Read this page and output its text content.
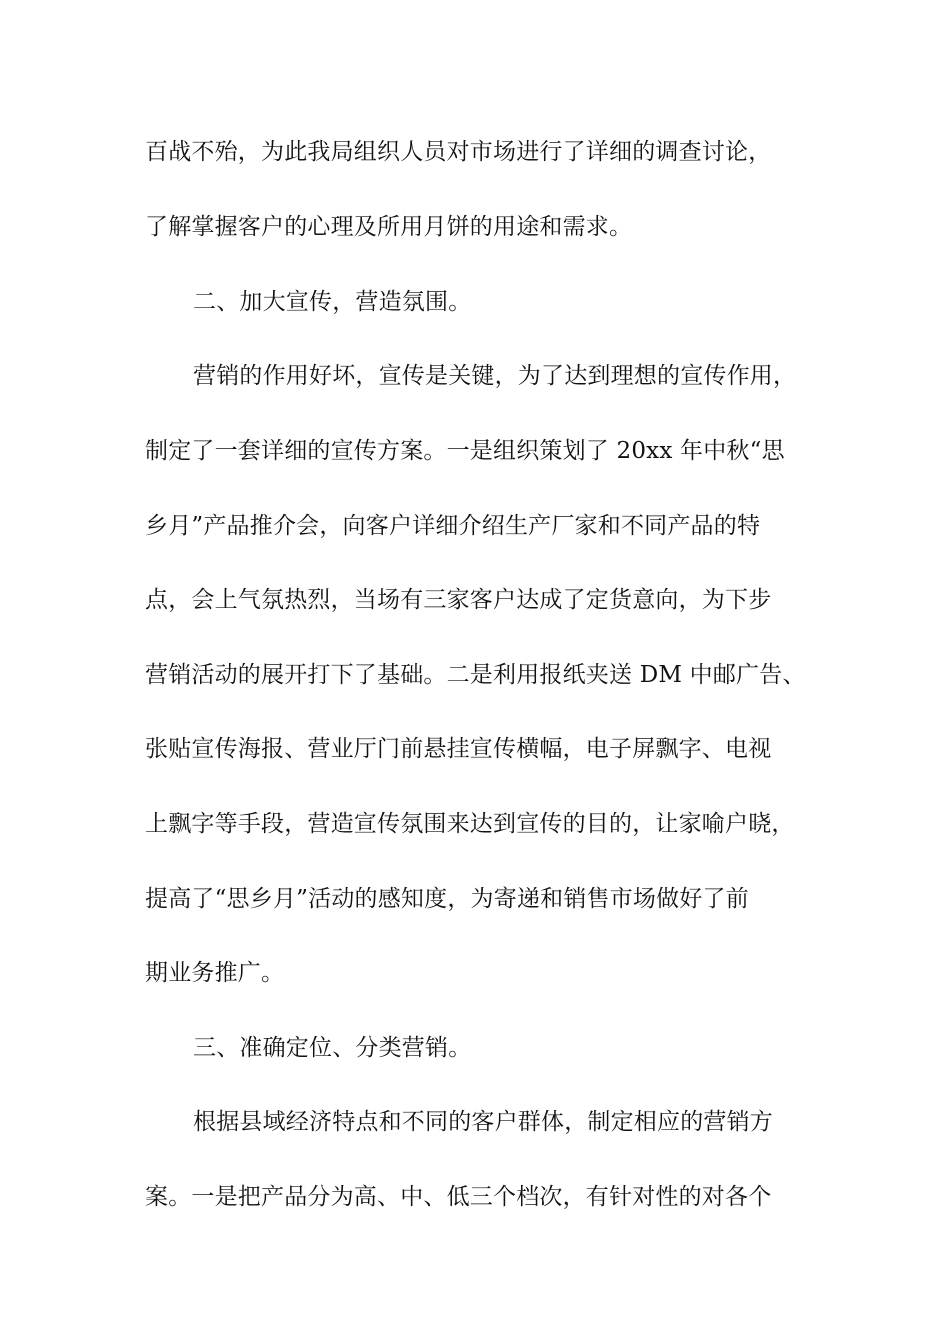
百战不殆，为此我局组织人员对市场进行了详细的调查讨论，

了解掌握客户的心理及所用月饼的用途和需求。

二、加大宣传，营造氛围。

营销的作用好坏，宣传是关键，为了达到理想的宣传作用，

制定了一套详细的宣传方案。一是组织策划了 20xx 年中秋“思

乡月”产品推介会，向客户详细介绍生产厂家和不同产品的特

点，会上气氛热烈，当场有三家客户达成了定货意向，为下步

营销活动的展开打下了基础。二是利用报纸夹送 DM 中邮广告、

张贴宣传海报、营业厅门前悬挂宣传横幅，电子屏飘字、电视

上飘字等手段，营造宣传氛围来达到宣传的目的，让家喻户晓，

提高了“思乡月”活动的感知度，为寄递和销售市场做好了前

期业务推广。

三、准确定位、分类营销。

根据县域经济特点和不同的客户群体，制定相应的营销方

案。一是把产品分为高、中、低三个档次，有针对性的对各个
